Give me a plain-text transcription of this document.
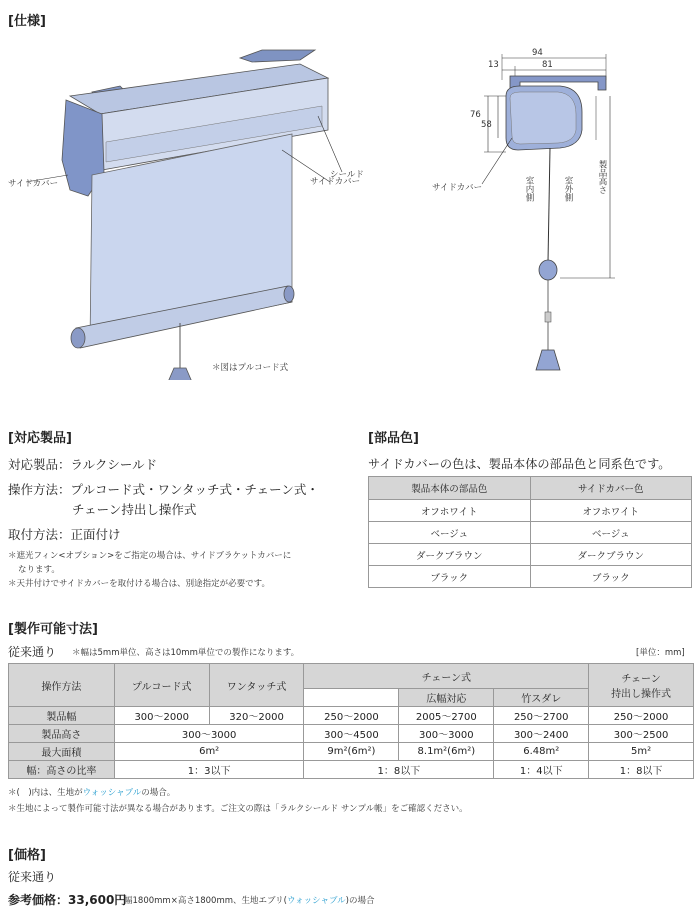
[仕様]
サイドカバー	サイドカバー
シールド
＊図はプルコード式
94
13	81
76
58
サイドカバー	室内側	室外側	製品高さ
[対応製品]
対応製品：ラルクシールド
操作方法：プルコード式・ワンタッチ式・チェーン式・
チェーン持出し操作式
取付方法：正面付け
＊遮光フィン<オプション>をご指定の場合は、サイドブラケットカバーに
なります。
＊天井付けでサイドカバーを取付ける場合は、別途指定が必要です。
[部品色]
サイドカバーの色は、製品本体の部品色と同系色です。
製品本体の部品色	サイドカバー色
オフホワイト	オフホワイト
ベージュ	ベージュ
ダークブラウン	ダークブラウン
ブラック	ブラック
[製作可能寸法]
従来通り ＊幅は5mm単位、高さは10mm単位での製作になります。	[単位：mm]
操作方法	プルコード式	ワンタッチ式	チェーン式			チェーン
持出し操作式
				広幅対応	竹スダレ	
製品幅	300～2000	320～2000	250～2000	2005～2700	250～2700	250～2000
製品高さ	300～3000		300～4500	300～3000	300～2400	300～2500
最大面積	6m²		9m²(6m²)	8.1m²(6m²)	6.48m²	5m²
幅：高さの比率	1：3以下		1：8以下		1：4以下	1：8以下
＊(　)内は、生地がウォッシャブルの場合。
＊生地によって製作可能寸法が異なる場合があります。ご注文の際は「ラルクシールド サンプル帳」をご確認ください。
[価格]
従来通り
参考価格：33,600円
幅1800mm×高さ1800mm、生地エブリ(ウォッシャブル)の場合
